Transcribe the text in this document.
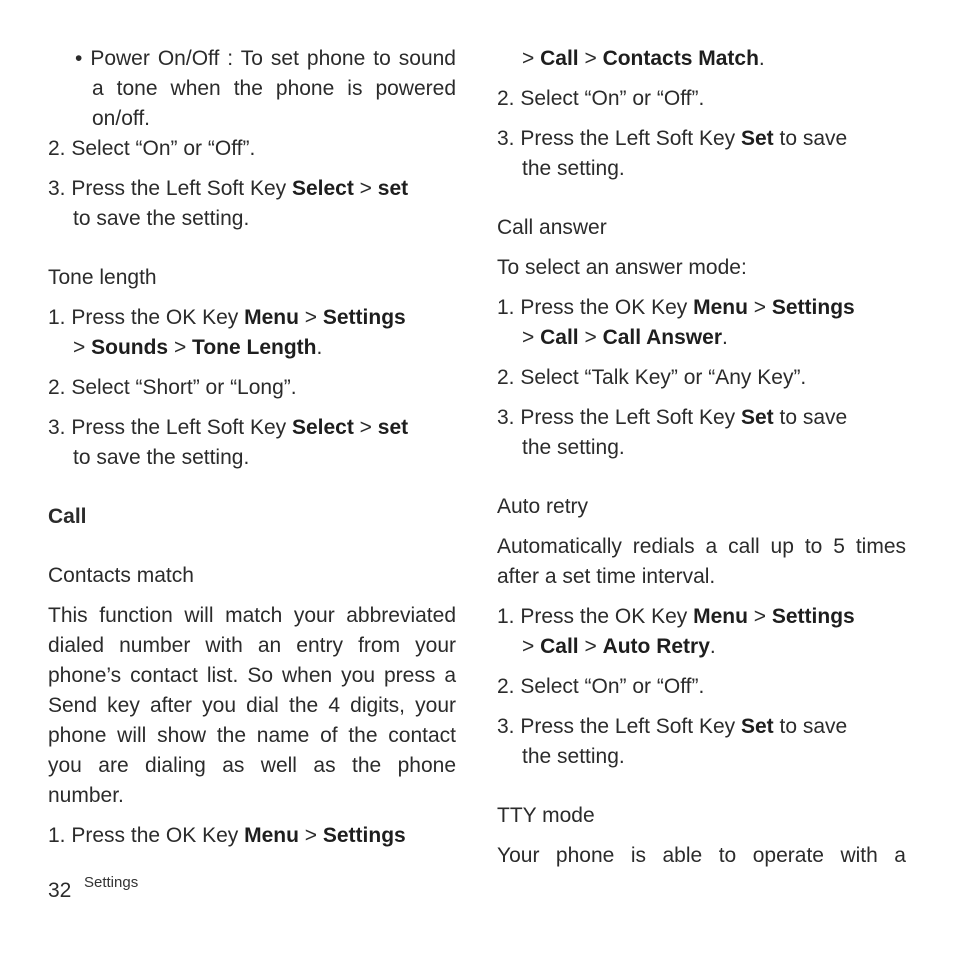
• Power On/Off : To set phone to sound a tone when the phone is powered on/off.
2. Select “On” or “Off”.
3. Press the Left Soft Key Select > set
to save the setting.
Tone length
1. Press the OK Key Menu > Settings
> Sounds > Tone Length.
2. Select “Short” or “Long”.
3. Press the Left Soft Key Select > set
to save the setting.
Call
Contacts match
This function will match your abbreviated dialed number with an entry from your phone’s contact list. So when you press a Send key after you dial the 4 digits, your phone will show the name of the contact you are dialing as well as the phone number.
1. Press the OK Key Menu > Settings
> Call > Contacts Match.
2. Select “On” or “Off”.
3. Press the Left Soft Key Set to save
the setting.
Call answer
To select an answer mode:
1. Press the OK Key Menu > Settings
> Call > Call Answer.
2. Select “Talk Key” or “Any Key”.
3. Press the Left Soft Key Set to save
the setting.
Auto retry
Automatically redials a call up to 5 times after a set time interval.
1. Press the OK Key Menu > Settings
> Call > Auto Retry.
2. Select “On” or “Off”.
3. Press the Left Soft Key Set to save
the setting.
TTY mode
Your phone is able to operate with a
32 Settings
